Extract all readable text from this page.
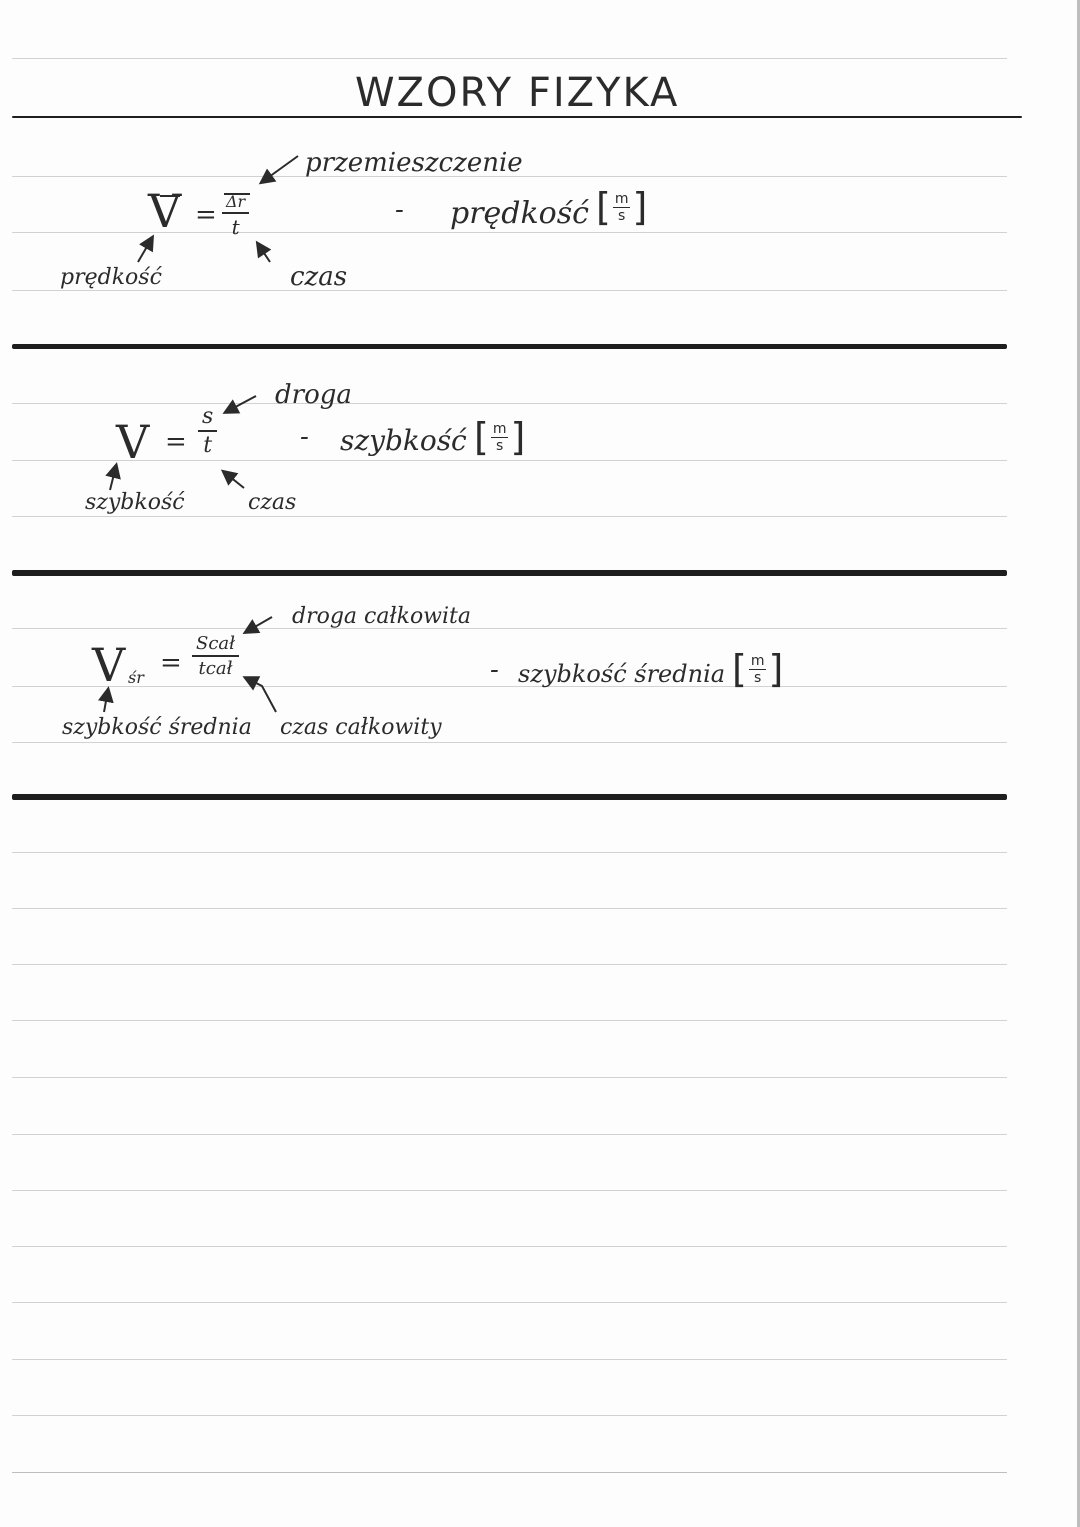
WZORY FIZYKA
V = Δr
t
przemieszczenie
czas
prędkość
- prędkość [ m
s ]
$V = \frac{s}{t}$
droga
czas
szybkość
- szybkość [ m
s ]
V śr =
Scał
tcał
droga całkowita
czas całkowity
szybkość średnia
- szybkość średnia [ m
s ]
